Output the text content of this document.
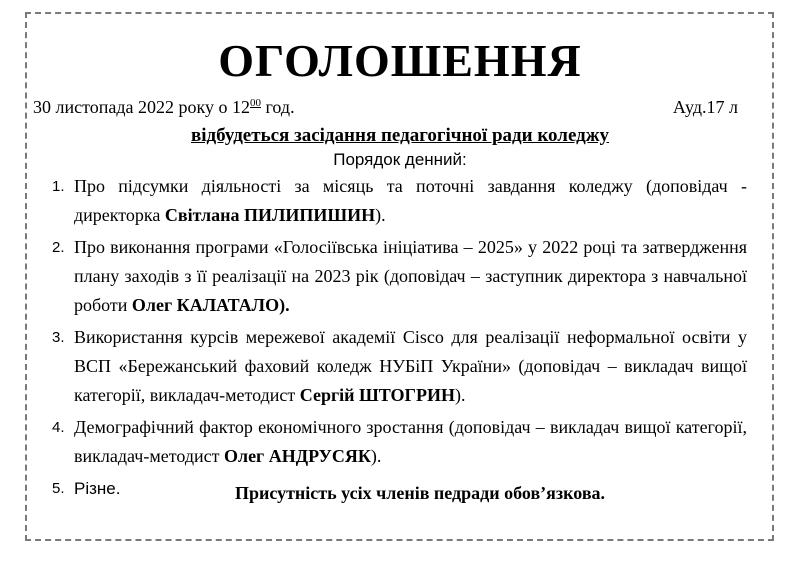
ОГОЛОШЕННЯ
30 листопада 2022 року о $12^{00}$ год.	Ауд.17 л
відбудеться засідання педагогічної ради коледжу
Порядок денний:
1. Про підсумки діяльності за місяць та поточні завдання коледжу (доповідач - директорка Світлана ПИЛИПИШИН).
2. Про виконання програми «Голосіївська ініціатива – 2025» у 2022 році та затвердження плану заходів з її реалізації на 2023 рік (доповідач – заступник директора з навчальної роботи Олег КАЛАТАЛО).
3. Використання курсів мережевої академії Cisco для реалізації неформальної освіти у ВСП «Бережанський фаховий коледж НУБіП України» (доповідач – викладач вищої категорії, викладач-методист Сергій ШТОГРИН).
4. Демографічний фактор економічного зростання (доповідач – викладач вищої категорії, викладач-методист Олег АНДРУСЯК).
5. Різне.	Присутність усіх членів педради обов’язкова.
